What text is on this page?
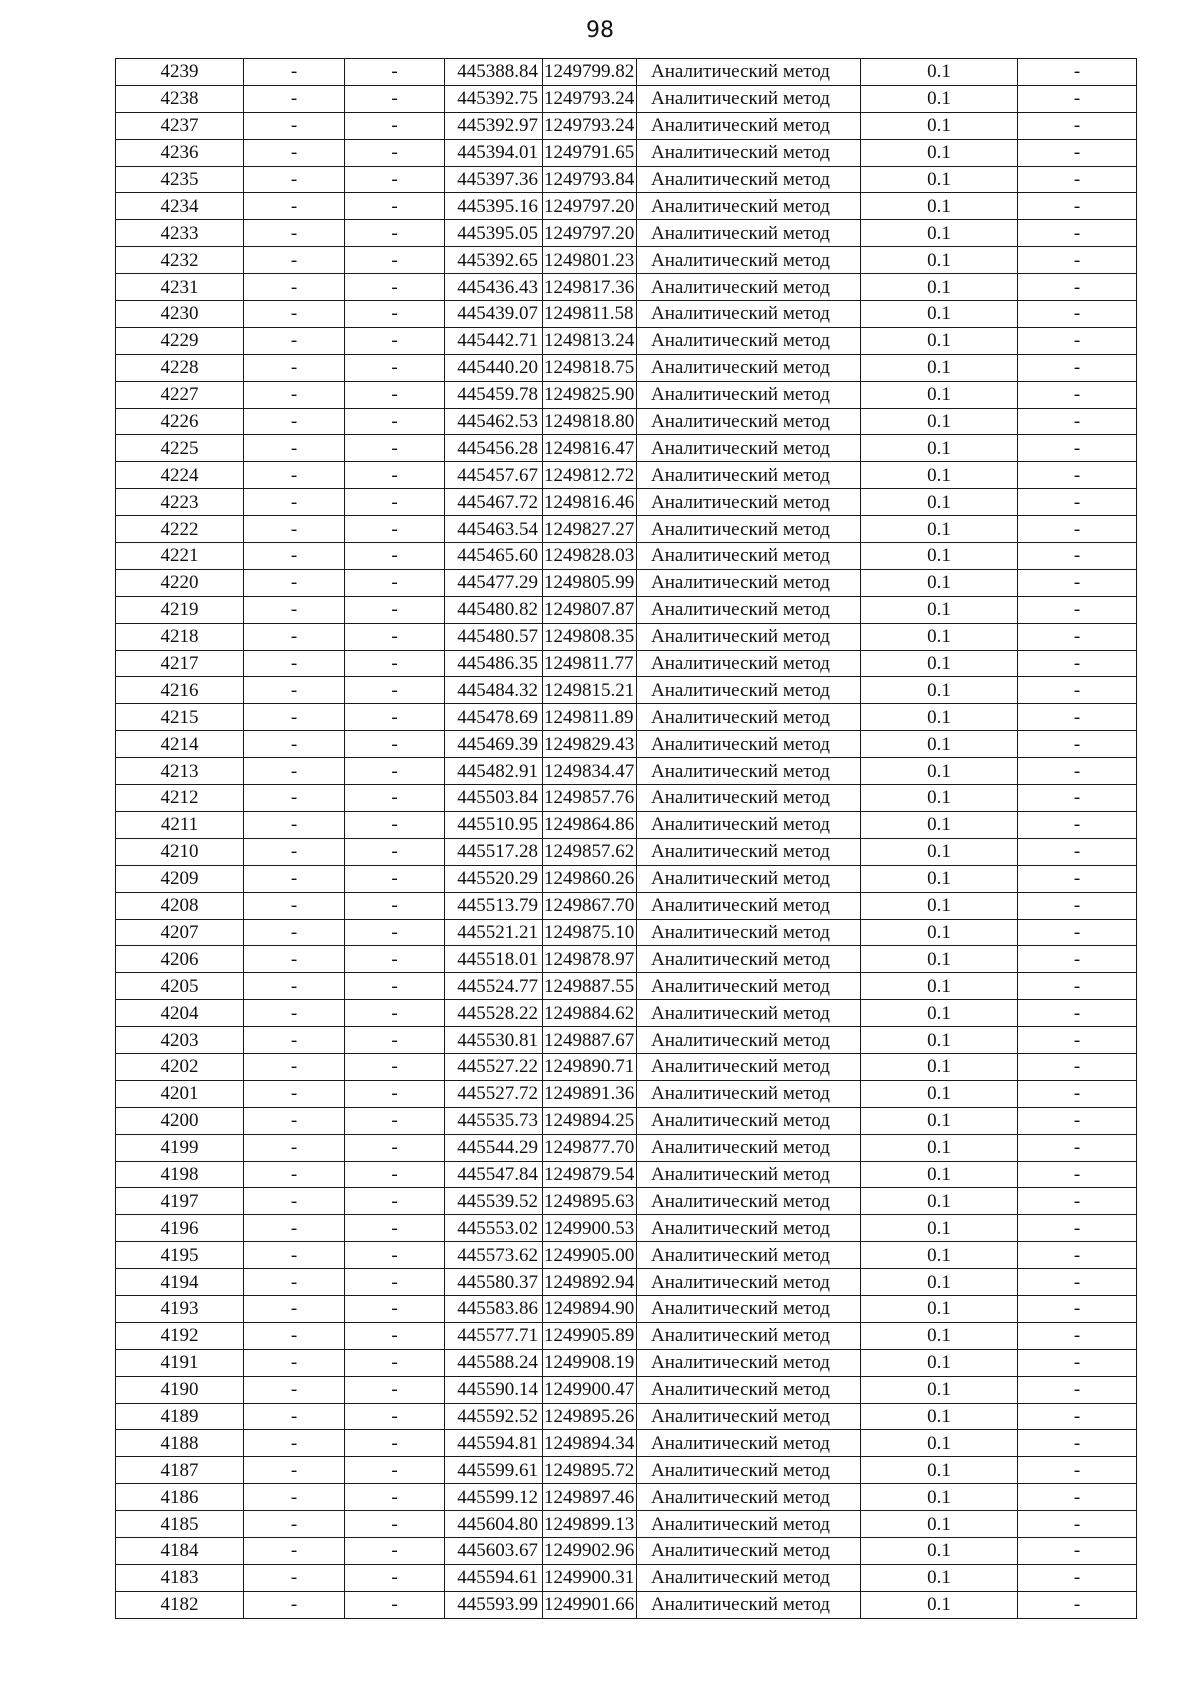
98
4239	-	-	445388.84	1249799.82	Аналитический метод	0.1	-
4238	-	-	445392.75	1249793.24	Аналитический метод	0.1	-
4237	-	-	445392.97	1249793.24	Аналитический метод	0.1	-
4236	-	-	445394.01	1249791.65	Аналитический метод	0.1	-
4235	-	-	445397.36	1249793.84	Аналитический метод	0.1	-
4234	-	-	445395.16	1249797.20	Аналитический метод	0.1	-
4233	-	-	445395.05	1249797.20	Аналитический метод	0.1	-
4232	-	-	445392.65	1249801.23	Аналитический метод	0.1	-
4231	-	-	445436.43	1249817.36	Аналитический метод	0.1	-
4230	-	-	445439.07	1249811.58	Аналитический метод	0.1	-
4229	-	-	445442.71	1249813.24	Аналитический метод	0.1	-
4228	-	-	445440.20	1249818.75	Аналитический метод	0.1	-
4227	-	-	445459.78	1249825.90	Аналитический метод	0.1	-
4226	-	-	445462.53	1249818.80	Аналитический метод	0.1	-
4225	-	-	445456.28	1249816.47	Аналитический метод	0.1	-
4224	-	-	445457.67	1249812.72	Аналитический метод	0.1	-
4223	-	-	445467.72	1249816.46	Аналитический метод	0.1	-
4222	-	-	445463.54	1249827.27	Аналитический метод	0.1	-
4221	-	-	445465.60	1249828.03	Аналитический метод	0.1	-
4220	-	-	445477.29	1249805.99	Аналитический метод	0.1	-
4219	-	-	445480.82	1249807.87	Аналитический метод	0.1	-
4218	-	-	445480.57	1249808.35	Аналитический метод	0.1	-
4217	-	-	445486.35	1249811.77	Аналитический метод	0.1	-
4216	-	-	445484.32	1249815.21	Аналитический метод	0.1	-
4215	-	-	445478.69	1249811.89	Аналитический метод	0.1	-
4214	-	-	445469.39	1249829.43	Аналитический метод	0.1	-
4213	-	-	445482.91	1249834.47	Аналитический метод	0.1	-
4212	-	-	445503.84	1249857.76	Аналитический метод	0.1	-
4211	-	-	445510.95	1249864.86	Аналитический метод	0.1	-
4210	-	-	445517.28	1249857.62	Аналитический метод	0.1	-
4209	-	-	445520.29	1249860.26	Аналитический метод	0.1	-
4208	-	-	445513.79	1249867.70	Аналитический метод	0.1	-
4207	-	-	445521.21	1249875.10	Аналитический метод	0.1	-
4206	-	-	445518.01	1249878.97	Аналитический метод	0.1	-
4205	-	-	445524.77	1249887.55	Аналитический метод	0.1	-
4204	-	-	445528.22	1249884.62	Аналитический метод	0.1	-
4203	-	-	445530.81	1249887.67	Аналитический метод	0.1	-
4202	-	-	445527.22	1249890.71	Аналитический метод	0.1	-
4201	-	-	445527.72	1249891.36	Аналитический метод	0.1	-
4200	-	-	445535.73	1249894.25	Аналитический метод	0.1	-
4199	-	-	445544.29	1249877.70	Аналитический метод	0.1	-
4198	-	-	445547.84	1249879.54	Аналитический метод	0.1	-
4197	-	-	445539.52	1249895.63	Аналитический метод	0.1	-
4196	-	-	445553.02	1249900.53	Аналитический метод	0.1	-
4195	-	-	445573.62	1249905.00	Аналитический метод	0.1	-
4194	-	-	445580.37	1249892.94	Аналитический метод	0.1	-
4193	-	-	445583.86	1249894.90	Аналитический метод	0.1	-
4192	-	-	445577.71	1249905.89	Аналитический метод	0.1	-
4191	-	-	445588.24	1249908.19	Аналитический метод	0.1	-
4190	-	-	445590.14	1249900.47	Аналитический метод	0.1	-
4189	-	-	445592.52	1249895.26	Аналитический метод	0.1	-
4188	-	-	445594.81	1249894.34	Аналитический метод	0.1	-
4187	-	-	445599.61	1249895.72	Аналитический метод	0.1	-
4186	-	-	445599.12	1249897.46	Аналитический метод	0.1	-
4185	-	-	445604.80	1249899.13	Аналитический метод	0.1	-
4184	-	-	445603.67	1249902.96	Аналитический метод	0.1	-
4183	-	-	445594.61	1249900.31	Аналитический метод	0.1	-
4182	-	-	445593.99	1249901.66	Аналитический метод	0.1	-
